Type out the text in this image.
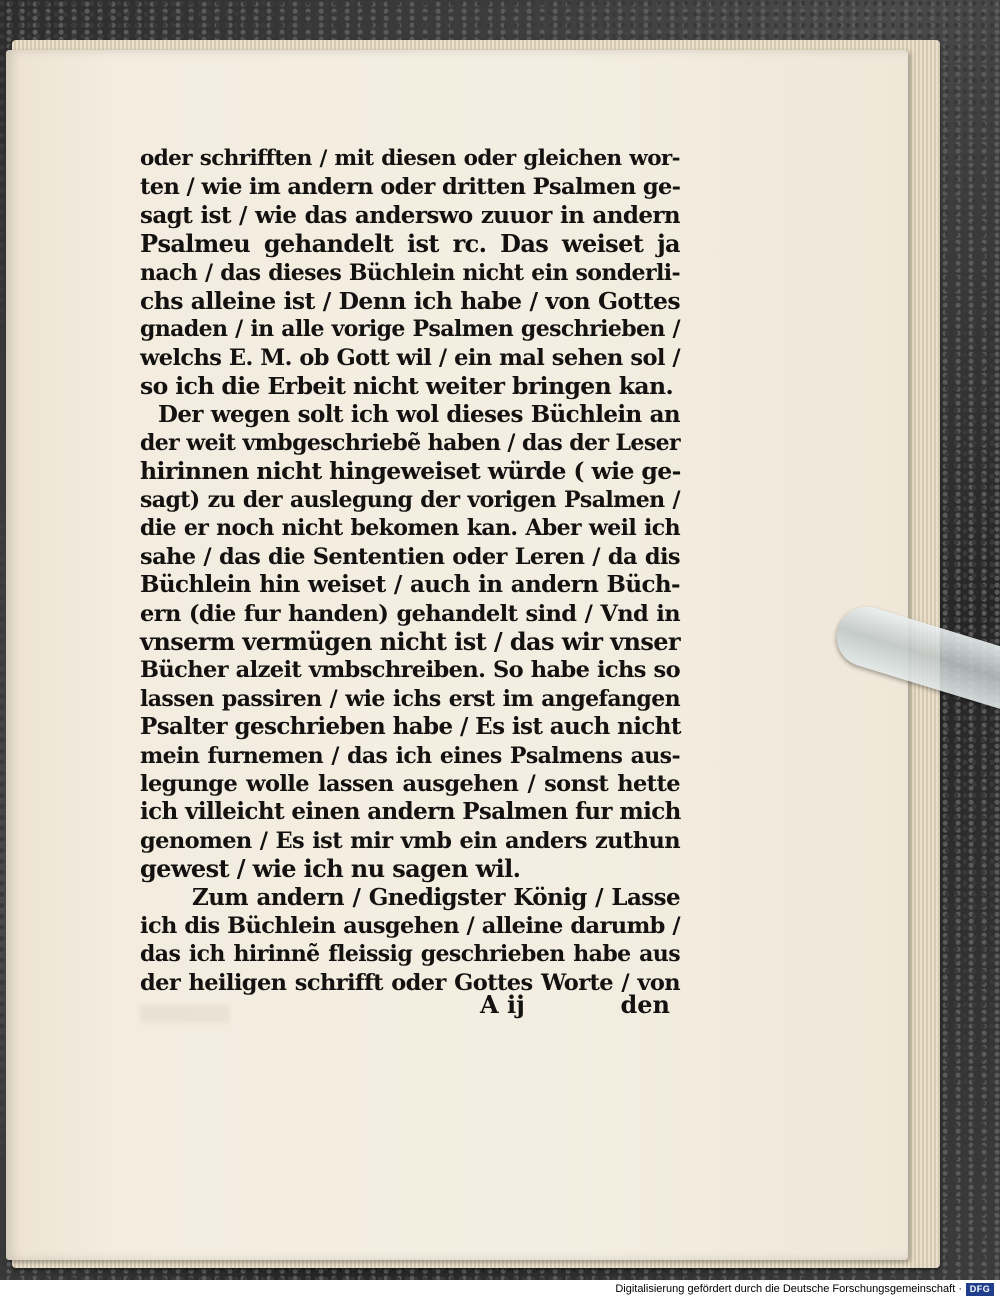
oder schrifften / mit diesen oder gleichen wor-
ten / wie im andern oder dritten Psalmen ge-
sagt ist / wie das anderswo zuuor in andern
Psalmeu gehandelt ist rc. Das weiset ja
nach / das dieses Büchlein nicht ein sonderli-
chs alleine ist / Denn ich habe / von Gottes
gnaden / in alle vorige Psalmen geschrieben /
welchs E. M. ob Gott wil / ein mal sehen sol /
so ich die Erbeit nicht weiter bringen kan.
Der wegen solt ich wol dieses Büchlein an
der weit vmbgeschriebẽ haben / das der Leser
hirinnen nicht hingeweiset würde ( wie ge-
sagt) zu der auslegung der vorigen Psalmen /
die er noch nicht bekomen kan. Aber weil ich
sahe / das die Sententien oder Leren / da dis
Büchlein hin weiset / auch in andern Büch-
ern (die fur handen) gehandelt sind / Vnd in
vnserm vermügen nicht ist / das wir vnser
Bücher alzeit vmbschreiben. So habe ichs so
lassen passiren / wie ichs erst im angefangen
Psalter geschrieben habe / Es ist auch nicht
mein furnemen / das ich eines Psalmens aus-
legunge wolle lassen ausgehen / sonst hette
ich villeicht einen andern Psalmen fur mich
genomen / Es ist mir vmb ein anders zuthun
gewest / wie ich nu sagen wil.
Zum andern / Gnedigster König / Lasse
ich dis Büchlein ausgehen / alleine darumb /
das ich hirinnẽ fleissig geschrieben habe aus
der heiligen schrifft oder Gottes Worte / von
A ij	den
Digitalisierung gefördert durch die Deutsche Forschungsgemeinschaft · DFG
